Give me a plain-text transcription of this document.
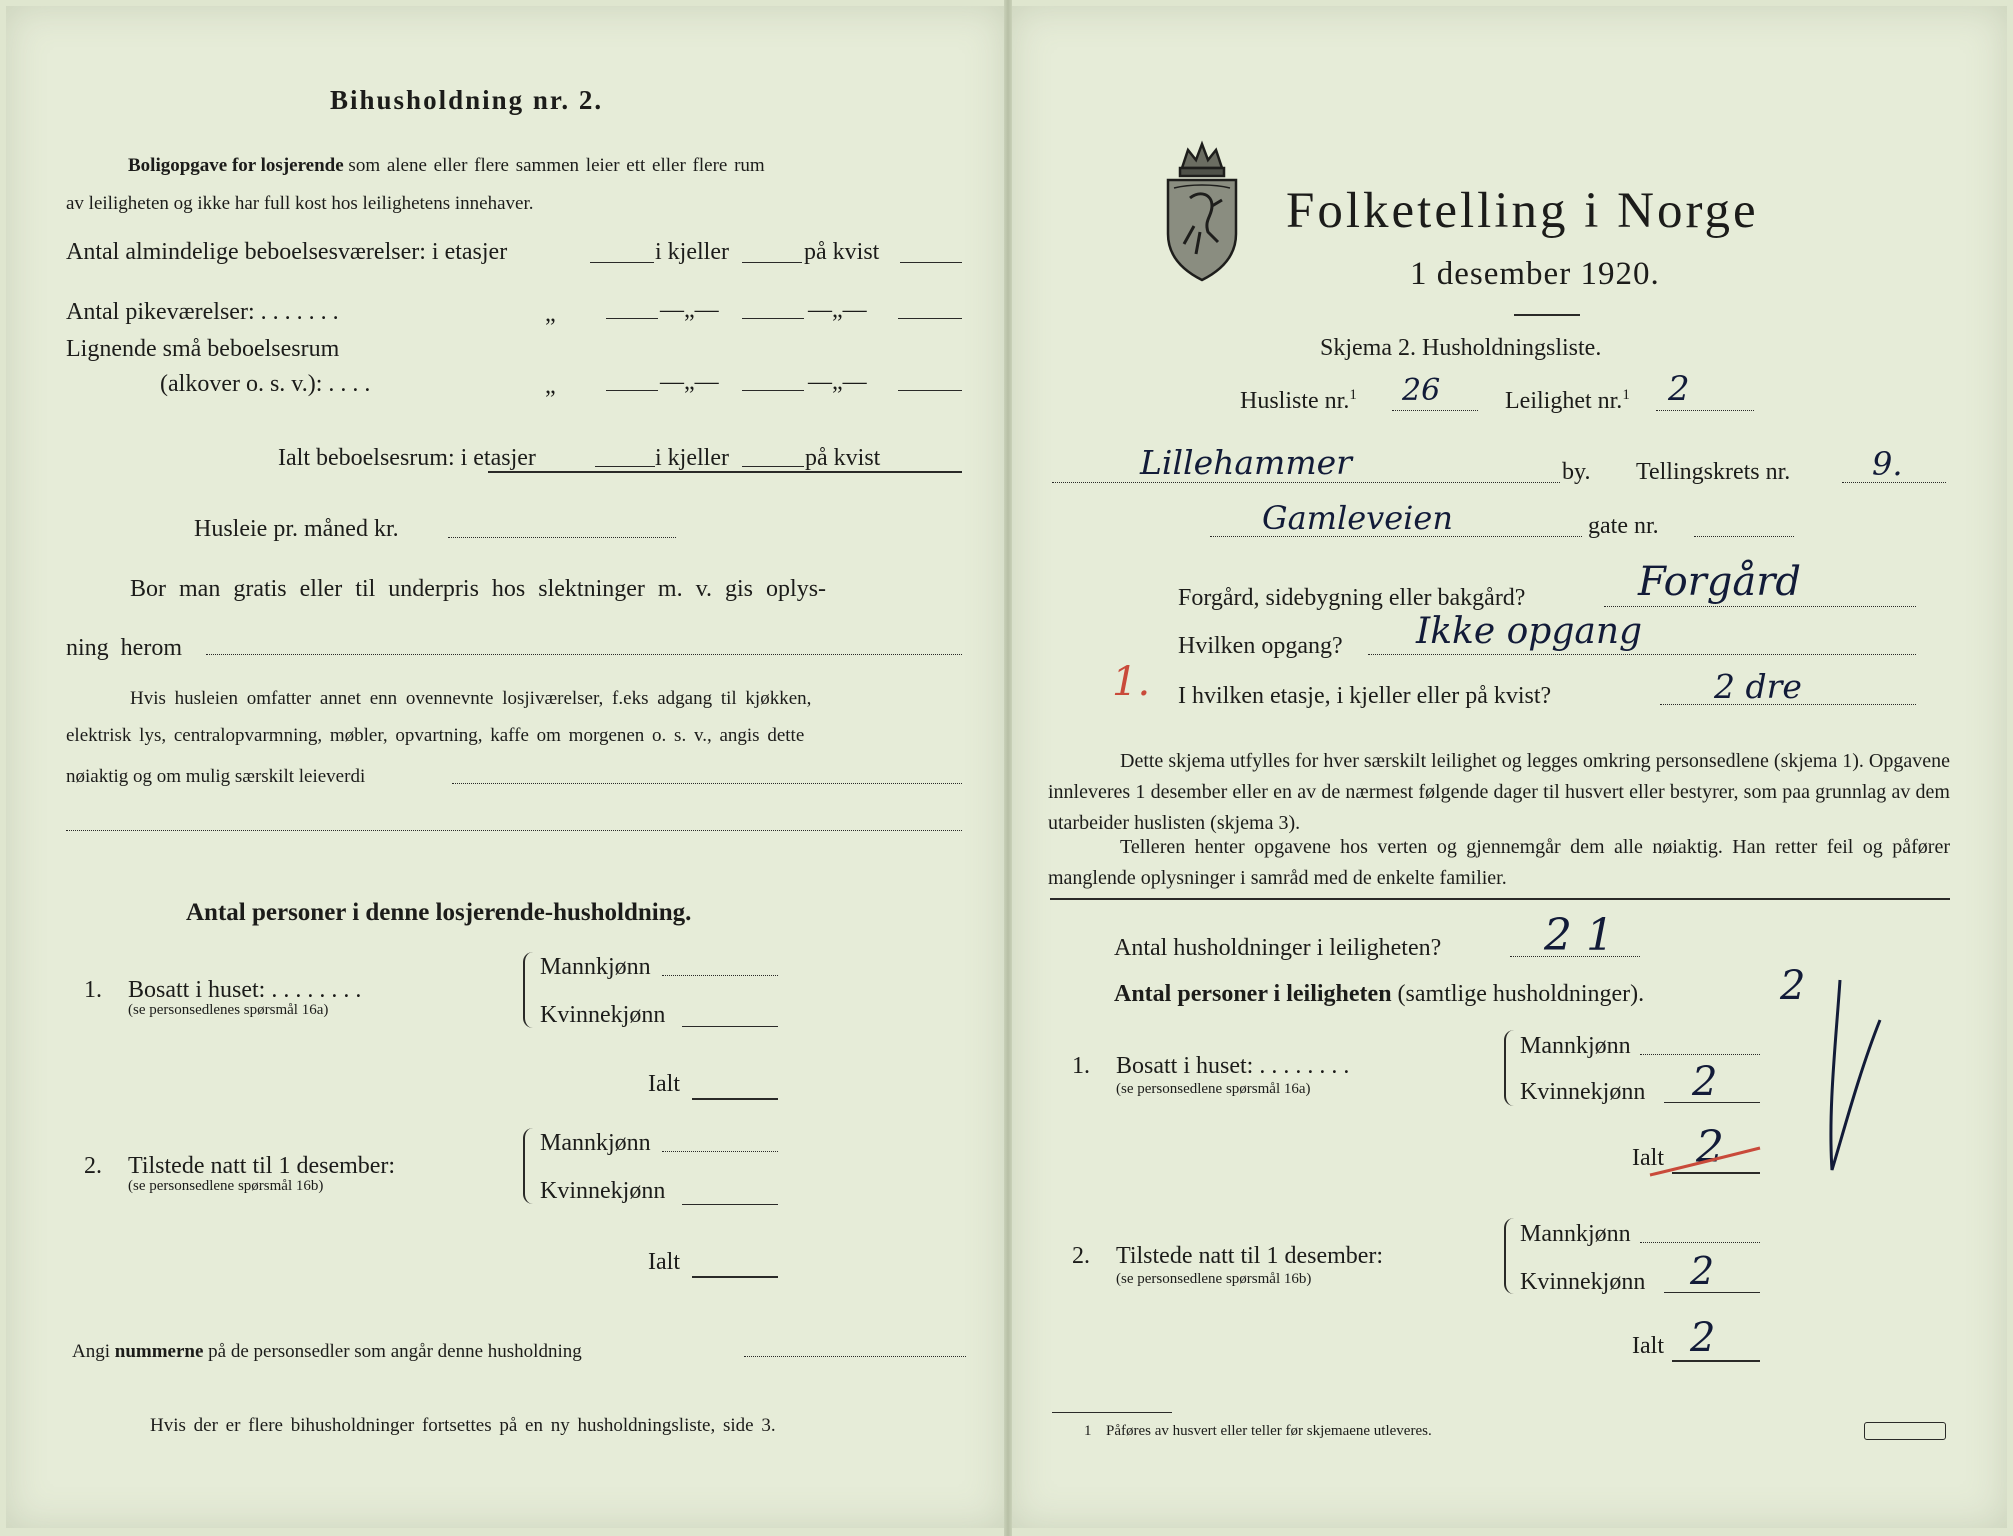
Bihusholdning nr. 2.
Boligopgave for losjerende som alene eller flere sammen leier ett eller flere rum
av leiligheten og ikke har full kost hos leilighetens innehaver.
Antal almindelige beboelsesværelser: i etasjer	i kjeller	på kvist
Antal pikeværelser: . . . . . . .	„	—„—	—„—
Lignende små beboelsesrum
(alkover o. s. v.): . . . .	„	—„—	—„—
Ialt beboelsesrum: i etasjer	i kjeller	på kvist
Husleie pr. måned kr.
Bor man gratis eller til underpris hos slektninger m. v. gis oplys-
ning herom
Hvis husleien omfatter annet enn ovennevnte losjiværelser, f.eks adgang til kjøkken,
elektrisk lys, centralopvarmning, møbler, opvartning, kaffe om morgenen o. s. v., angis dette
nøiaktig og om mulig særskilt leieverdi
Antal personer i denne losjerende-husholdning.
1. Bosatt i huset: . . . . . . . .
(se personsedlenes spørsmål 16a)
Mannkjønn
Kvinnekjønn
Ialt
2. Tilstede natt til 1 desember:
(se personsedlene spørsmål 16b)
Mannkjønn
Kvinnekjønn
Ialt
Angi nummerne på de personsedler som angår denne husholdning
Hvis der er flere bihusholdninger fortsettes på en ny husholdningsliste, side 3.
Folketelling i Norge
1 desember 1920.
Skjema 2. Husholdningsliste.
Husliste nr.$^1$ 26	Leilighet nr.$^1$ 2
Lillehammer	by. Tellingskrets nr.	9.
Gamleveien	gate nr.
Forgård, sidebygning eller bakgård?	Forgård
Hvilken opgang? Ikke opgang
1. I hvilken etasje, i kjeller eller på kvist?	2 dre
Dette skjema utfylles for hver særskilt leilighet og legges omkring personsedlene (skjema 1). Opgavene innleveres 1 desember eller en av de nærmest følgende dager til husvert eller bestyrer, som paa grunnlag av dem utarbeider huslisten (skjema 3).
Telleren henter opgavene hos verten og gjennemgår dem alle nøiaktig. Han retter feil og påfører manglende oplysninger i samråd med de enkelte familier.
Antal husholdninger i leiligheten? 2 1
Antal personer i leiligheten (samtlige husholdninger).	2
1. Bosatt i huset: . . . . . . . .
(se personsedlene spørsmål 16a)
Mannkjønn
Kvinnekjønn 2
Ialt 2
2. Tilstede natt til 1 desember:
(se personsedlene spørsmål 16b)
Mannkjønn
Kvinnekjønn 2
Ialt 2
1 Påføres av husvert eller teller før skjemaene utleveres.
